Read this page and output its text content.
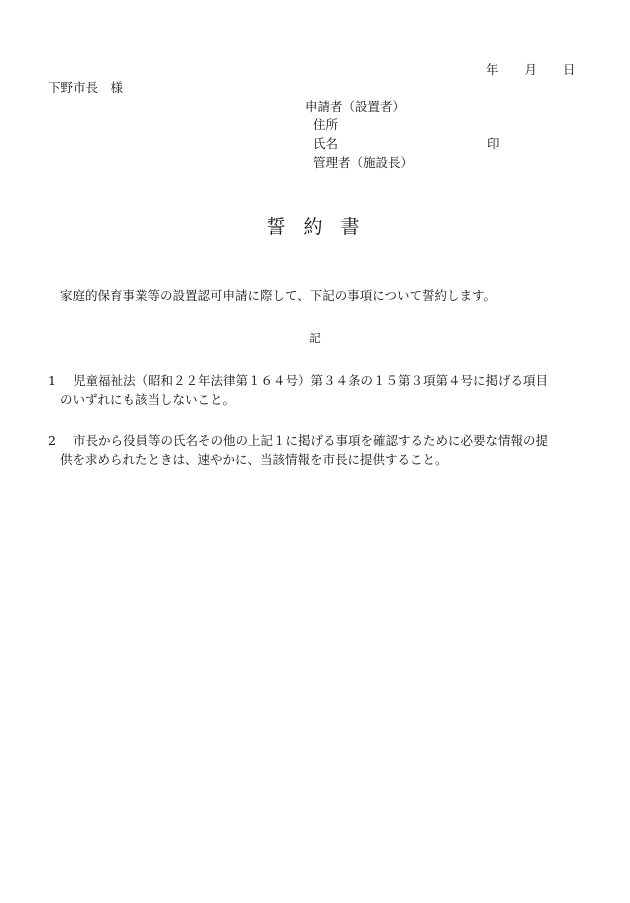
年 月 日
下野市長　様
申請者（設置者）
住所
氏名	印
管理者（施設長）
誓約書
家庭的保育事業等の設置認可申請に際して、下記の事項について誓約します。
記
1	児童福祉法（昭和２２年法律第１６４号）第３４条の１５第３項第４号に掲げる項目
のいずれにも該当しないこと。
2	市長から役員等の氏名その他の上記１に掲げる事項を確認するために必要な情報の提
供を求められたときは、速やかに、当該情報を市長に提供すること。
